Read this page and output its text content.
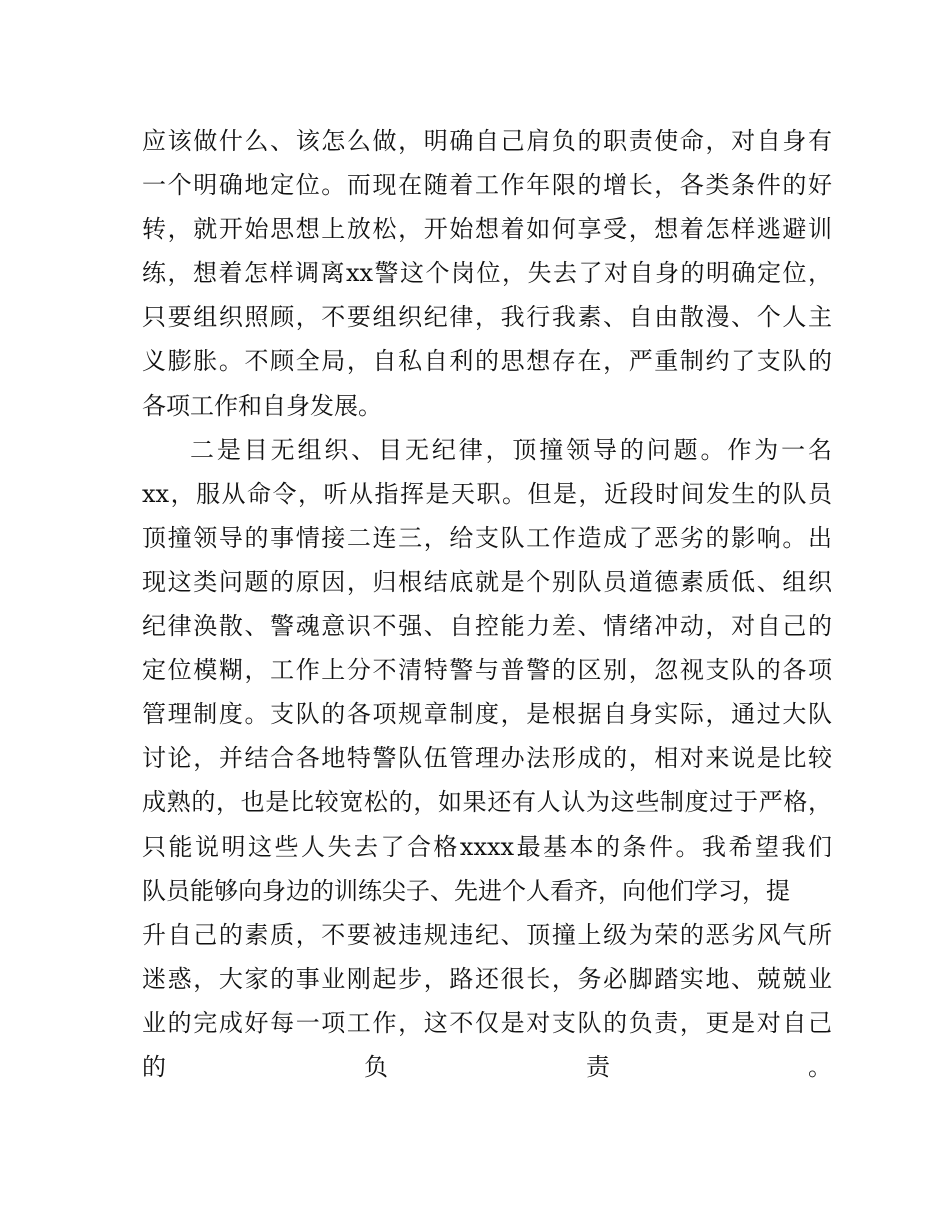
应该做什么、该怎么做，明确自己肩负的职责使命，对自身有
一个明确地定位。而现在随着工作年限的增长，各类条件的好
转，就开始思想上放松，开始想着如何享受，想着怎样逃避训
练，想着怎样调离xx警这个岗位，失去了对自身的明确定位，
只要组织照顾，不要组织纪律，我行我素、自由散漫、个人主
义膨胀。不顾全局，自私自利的思想存在，严重制约了支队的
各项工作和自身发展。
二是目无组织、目无纪律，顶撞领导的问题。作为一名
xx，服从命令，听从指挥是天职。但是，近段时间发生的队员
顶撞领导的事情接二连三，给支队工作造成了恶劣的影响。出
现这类问题的原因，归根结底就是个别队员道德素质低、组织
纪律涣散、警魂意识不强、自控能力差、情绪冲动，对自己的
定位模糊，工作上分不清特警与普警的区别，忽视支队的各项
管理制度。支队的各项规章制度，是根据自身实际，通过大队
讨论，并结合各地特警队伍管理办法形成的，相对来说是比较
成熟的，也是比较宽松的，如果还有人认为这些制度过于严格，
只能说明这些人失去了合格xxxx最基本的条件。我希望我们
队员能够向身边的训练尖子、先进个人看齐，向他们学习，提
升自己的素质，不要被违规违纪、顶撞上级为荣的恶劣风气所
迷惑，大家的事业刚起步，路还很长，务必脚踏实地、兢兢业
业的完成好每一项工作，这不仅是对支队的负责，更是对自己
的负责。
